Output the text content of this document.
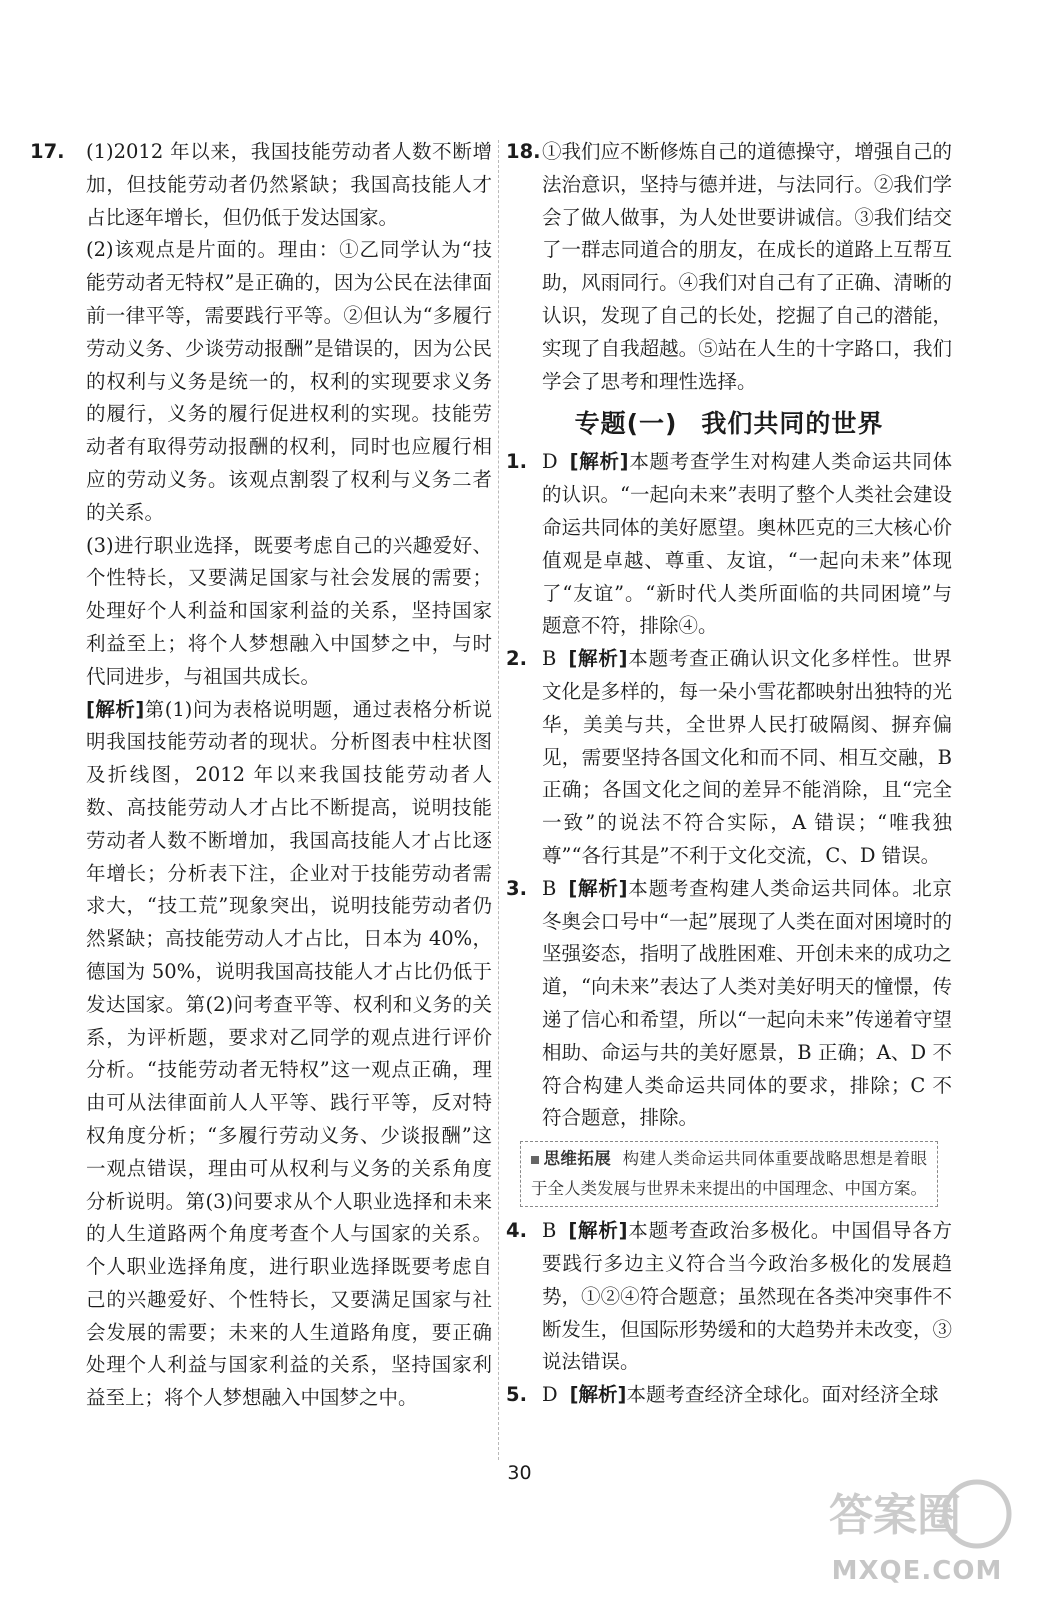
17. (1)2012 年以来，我国技能劳动者人数不断增加，但技能劳动者仍然紧缺；我国高技能人才占比逐年增长，但仍低于发达国家。

(2)该观点是片面的。理由：①乙同学认为“技能劳动者无特权”是正确的，因为公民在法律面前一律平等，需要践行平等。②但认为“多履行劳动义务、少谈劳动报酬”是错误的，因为公民的权利与义务是统一的，权利的实现要求义务的履行，义务的履行促进权利的实现。技能劳动者有取得劳动报酬的权利，同时也应履行相应的劳动义务。该观点割裂了权利与义务二者的关系。

(3)进行职业选择，既要考虑自己的兴趣爱好、个性特长，又要满足国家与社会发展的需要；处理好个人利益和国家利益的关系，坚持国家利益至上；将个人梦想融入中国梦之中，与时代同进步，与祖国共成长。

[解析]第(1)问为表格说明题，通过表格分析说明我国技能劳动者的现状。分析图表中柱状图及折线图，2012 年以来我国技能劳动者人数、高技能劳动人才占比不断提高，说明技能劳动者人数不断增加，我国高技能人才占比逐年增长；分析表下注，企业对于技能劳动者需求大，“技工荒”现象突出，说明技能劳动者仍然紧缺；高技能劳动人才占比，日本为 40%，德国为 50%，说明我国高技能人才占比仍低于发达国家。第(2)问考查平等、权利和义务的关系，为评析题，要求对乙同学的观点进行评价分析。“技能劳动者无特权”这一观点正确，理由可从法律面前人人平等、践行平等，反对特权角度分析；“多履行劳动义务、少谈报酬”这一观点错误，理由可从权利与义务的关系角度分析说明。第(3)问要求从个人职业选择和未来的人生道路两个角度考查个人与国家的关系。个人职业选择角度，进行职业选择既要考虑自己的兴趣爱好、个性特长，又要满足国家与社会发展的需要；未来的人生道路角度，要正确处理个人利益与国家利益的关系，坚持国家利益至上；将个人梦想融入中国梦之中。

18. ①我们应不断修炼自己的道德操守，增强自己的法治意识，坚持与德并进，与法同行。②我们学会了做人做事，为人处世要讲诚信。③我们结交了一群志同道合的朋友，在成长的道路上互帮互助，风雨同行。④我们对自己有了正确、清晰的认识，发现了自己的长处，挖掘了自己的潜能，实现了自我超越。⑤站在人生的十字路口，我们学会了思考和理性选择。
专题(一) 我们共同的世界
1. D [解析]本题考查学生对构建人类命运共同体的认识。“一起向未来”表明了整个人类社会建设命运共同体的美好愿望。奥林匹克的三大核心价值观是卓越、尊重、友谊，“一起向未来”体现了“友谊”。“新时代人类所面临的共同困境”与题意不符，排除④。
2. B [解析]本题考查正确认识文化多样性。世界文化是多样的，每一朵小雪花都映射出独特的光华，美美与共，全世界人民打破隔阂、摒弃偏见，需要坚持各国文化和而不同、相互交融，B 正确；各国文化之间的差异不能消除，且“完全一致”的说法不符合实际，A 错误；“唯我独尊”“各行其是”不利于文化交流，C、D 错误。
3. B [解析]本题考查构建人类命运共同体。北京冬奥会口号中“一起”展现了人类在面对困境时的坚强姿态，指明了战胜困难、开创未来的成功之道，“向未来”表达了人类对美好明天的憧憬，传递了信心和希望，所以“一起向未来”传递着守望相助、命运与共的美好愿景，B 正确；A、D 不符合构建人类命运共同体的要求，排除；C 不符合题意，排除。
思维拓展 构建人类命运共同体重要战略思想是着眼于全人类发展与世界未来提出的中国理念、中国方案。
4. B [解析]本题考查政治多极化。中国倡导各方要践行多边主义符合当今政治多极化的发展趋势，①②④符合题意；虽然现在各类冲突事件不断发生，但国际形势缓和的大趋势并未改变，③说法错误。
5. D [解析]本题考查经济全球化。面对经济全球
30
答案圈
MXQE.COM
